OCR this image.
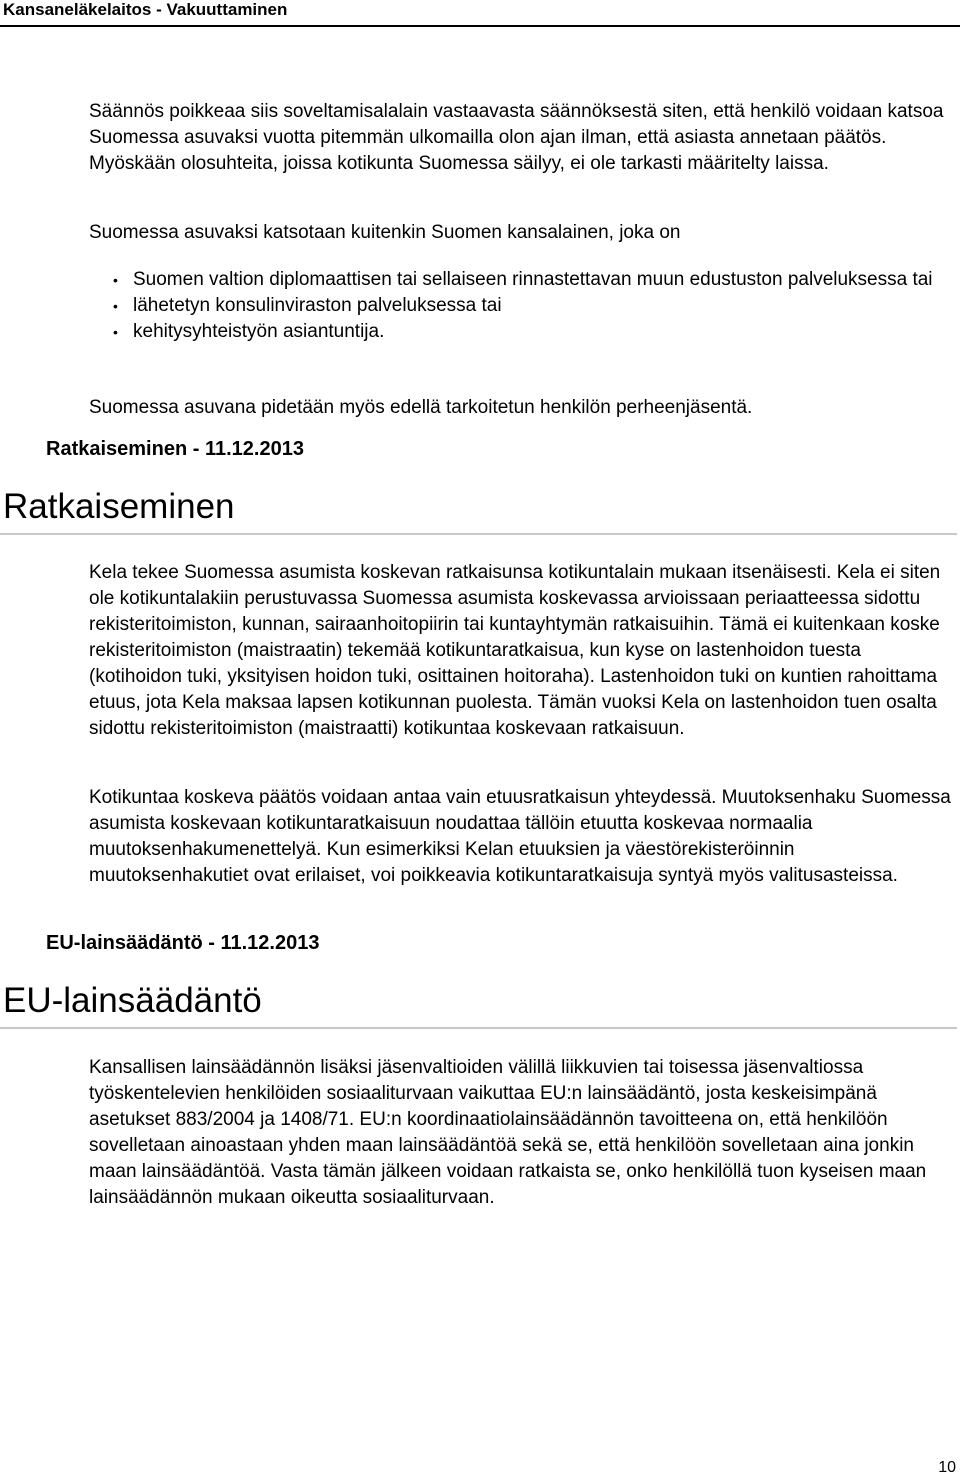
Kansaneläkelaitos - Vakuuttaminen

Säännös poikkeaa siis soveltamisalalain vastaavasta säännöksestä siten, että henkilö voidaan katsoa Suomessa asuvaksi vuotta pitemmän ulkomailla olon ajan ilman, että asiasta annetaan päätös. Myöskään olosuhteita, joissa kotikunta Suomessa säilyy, ei ole tarkasti määritelty laissa.

Suomessa asuvaksi katsotaan kuitenkin Suomen kansalainen, joka on

• Suomen valtion diplomaattisen tai sellaiseen rinnastettavan muun edustuston palveluksessa tai
• lähetetyn konsulinviraston palveluksessa tai
• kehitysyhteistyön asiantuntija.

Suomessa asuvana pidetään myös edellä tarkoitetun henkilön perheenjäsentä.

Ratkaiseminen - 11.12.2013
Ratkaiseminen

Kela tekee Suomessa asumista koskevan ratkaisunsa kotikuntalain mukaan itsenäisesti. Kela ei siten ole kotikuntalakiin perustuvassa Suomessa asumista koskevassa arvioissaan periaatteessa sidottu rekisteritoimiston, kunnan, sairaanhoitopiirin tai kuntayhtymän ratkaisuihin. Tämä ei kuitenkaan koske rekisteritoimiston (maistraatin) tekemää kotikuntaratkaisua, kun kyse on lastenhoidon tuesta (kotihoidon tuki, yksityisen hoidon tuki, osittainen hoitoraha). Lastenhoidon tuki on kuntien rahoittama etuus, jota Kela maksaa lapsen kotikunnan puolesta. Tämän vuoksi Kela on lastenhoidon tuen osalta sidottu rekisteritoimiston (maistraatti) kotikuntaa koskevaan ratkaisuun.

Kotikuntaa koskeva päätös voidaan antaa vain etuusratkaisun yhteydessä. Muutoksenhaku Suomessa asumista koskevaan kotikuntaratkaisuun noudattaa tällöin etuutta koskevaa normaalia muutoksenhakumenettelyä. Kun esimerkiksi Kelan etuuksien ja väestörekisteröinnin muutoksenhakutiet ovat erilaiset, voi poikkeavia kotikuntaratkaisuja syntyä myös valitusasteissa.

EU-lainsäädäntö - 11.12.2013
EU-lainsäädäntö

Kansallisen lainsäädännön lisäksi jäsenvaltioiden välillä liikkuvien tai toisessa jäsenvaltiossa työskentelevien henkilöiden sosiaaliturvaan vaikuttaa EU:n lainsäädäntö, josta keskeisimpänä asetukset 883/2004 ja 1408/71. EU:n koordinaatiolainsäädännön tavoitteena on, että henkilöön sovelletaan ainoastaan yhden maan lainsäädäntöä sekä se, että henkilöön sovelletaan aina jonkin maan lainsäädäntöä. Vasta tämän jälkeen voidaan ratkaista se, onko henkilöllä tuon kyseisen maan lainsäädännön mukaan oikeutta sosiaaliturvaan.

10
